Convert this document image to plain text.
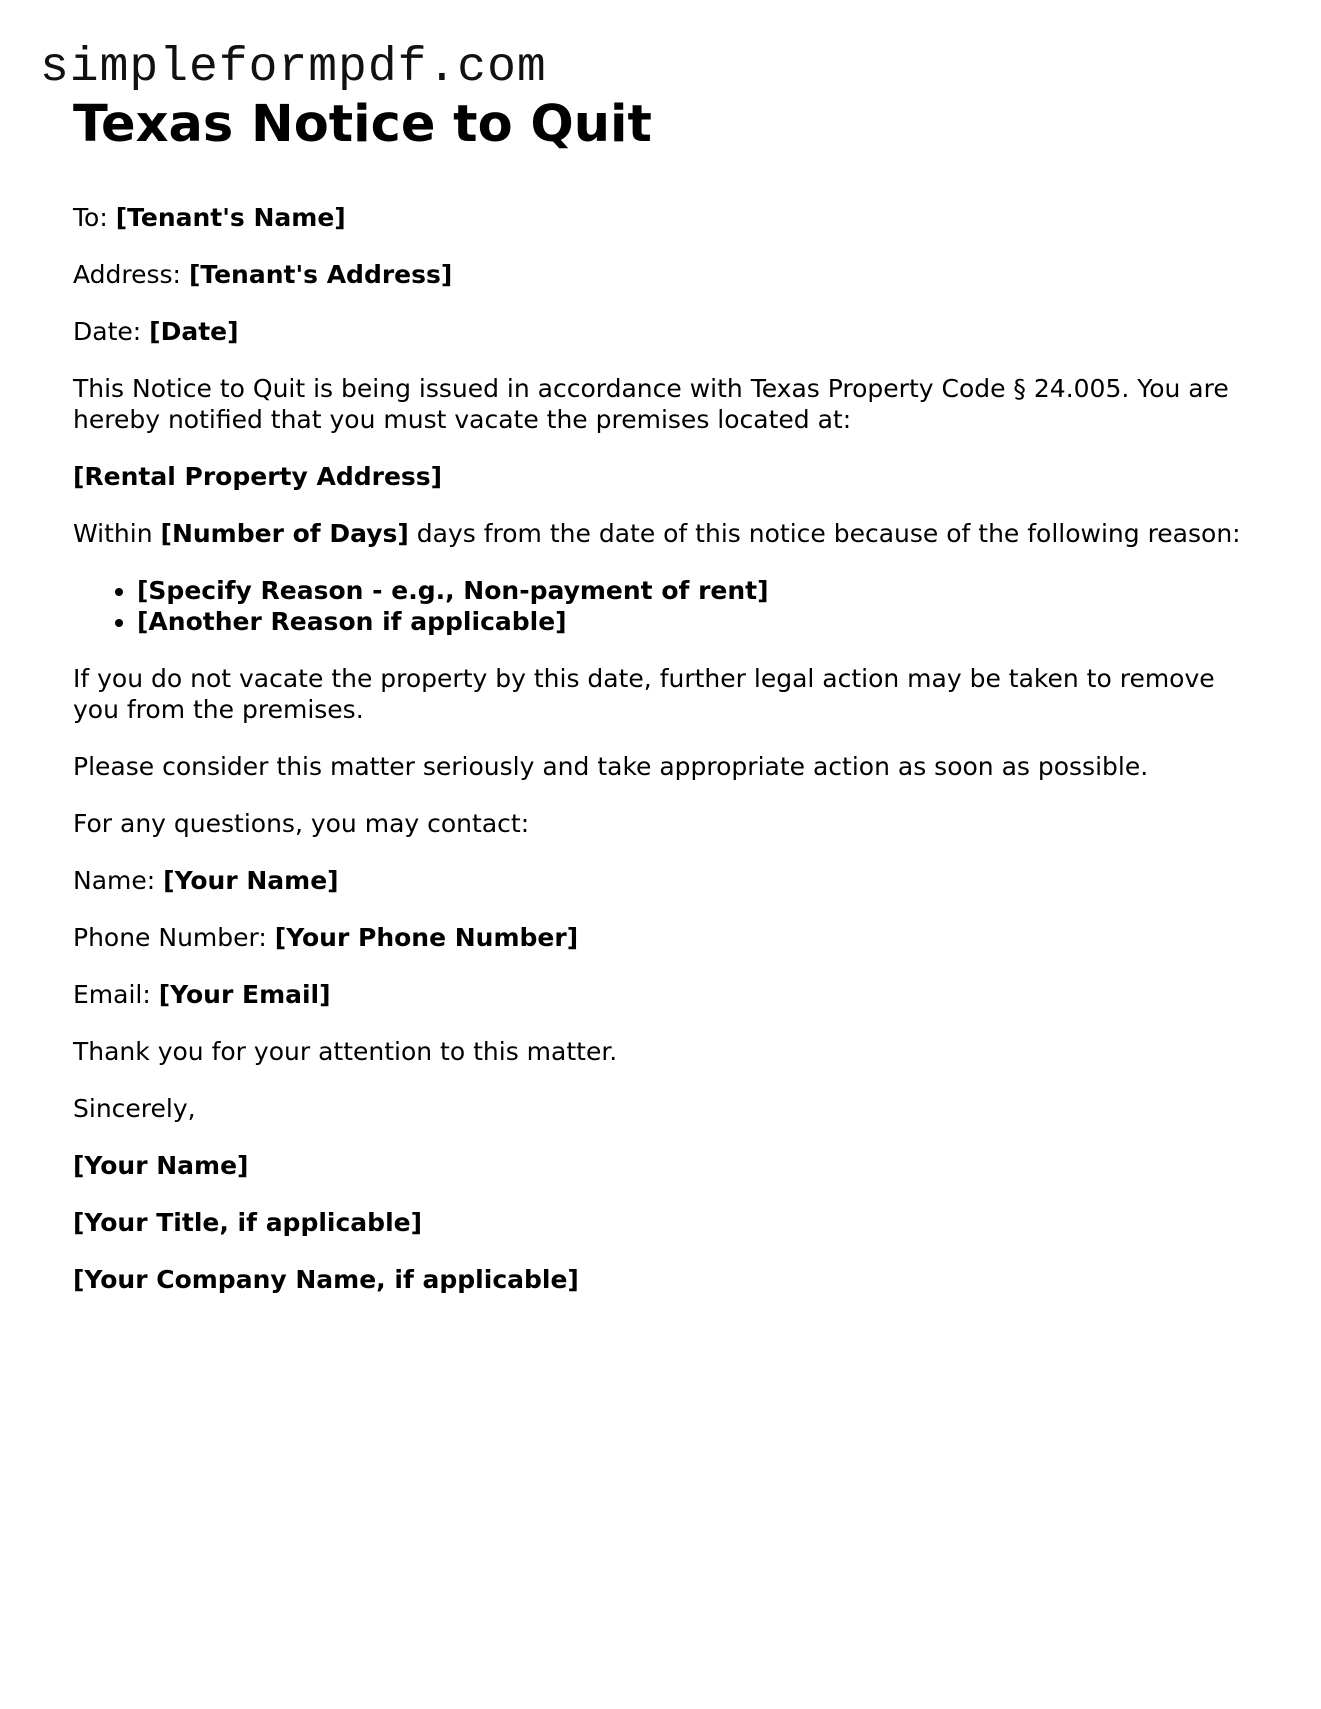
simpleformpdf.com
Texas Notice to Quit

To: [Tenant's Name]

Address: [Tenant's Address]

Date: [Date]

This Notice to Quit is being issued in accordance with Texas Property Code § 24.005. You are hereby notified that you must vacate the premises located at:

[Rental Property Address]

Within [Number of Days] days from the date of this notice because of the following reason:

• [Specify Reason - e.g., Non-payment of rent]
• [Another Reason if applicable]

If you do not vacate the property by this date, further legal action may be taken to remove you from the premises.

Please consider this matter seriously and take appropriate action as soon as possible.

For any questions, you may contact:

Name: [Your Name]

Phone Number: [Your Phone Number]

Email: [Your Email]

Thank you for your attention to this matter.

Sincerely,

[Your Name]

[Your Title, if applicable]

[Your Company Name, if applicable]
